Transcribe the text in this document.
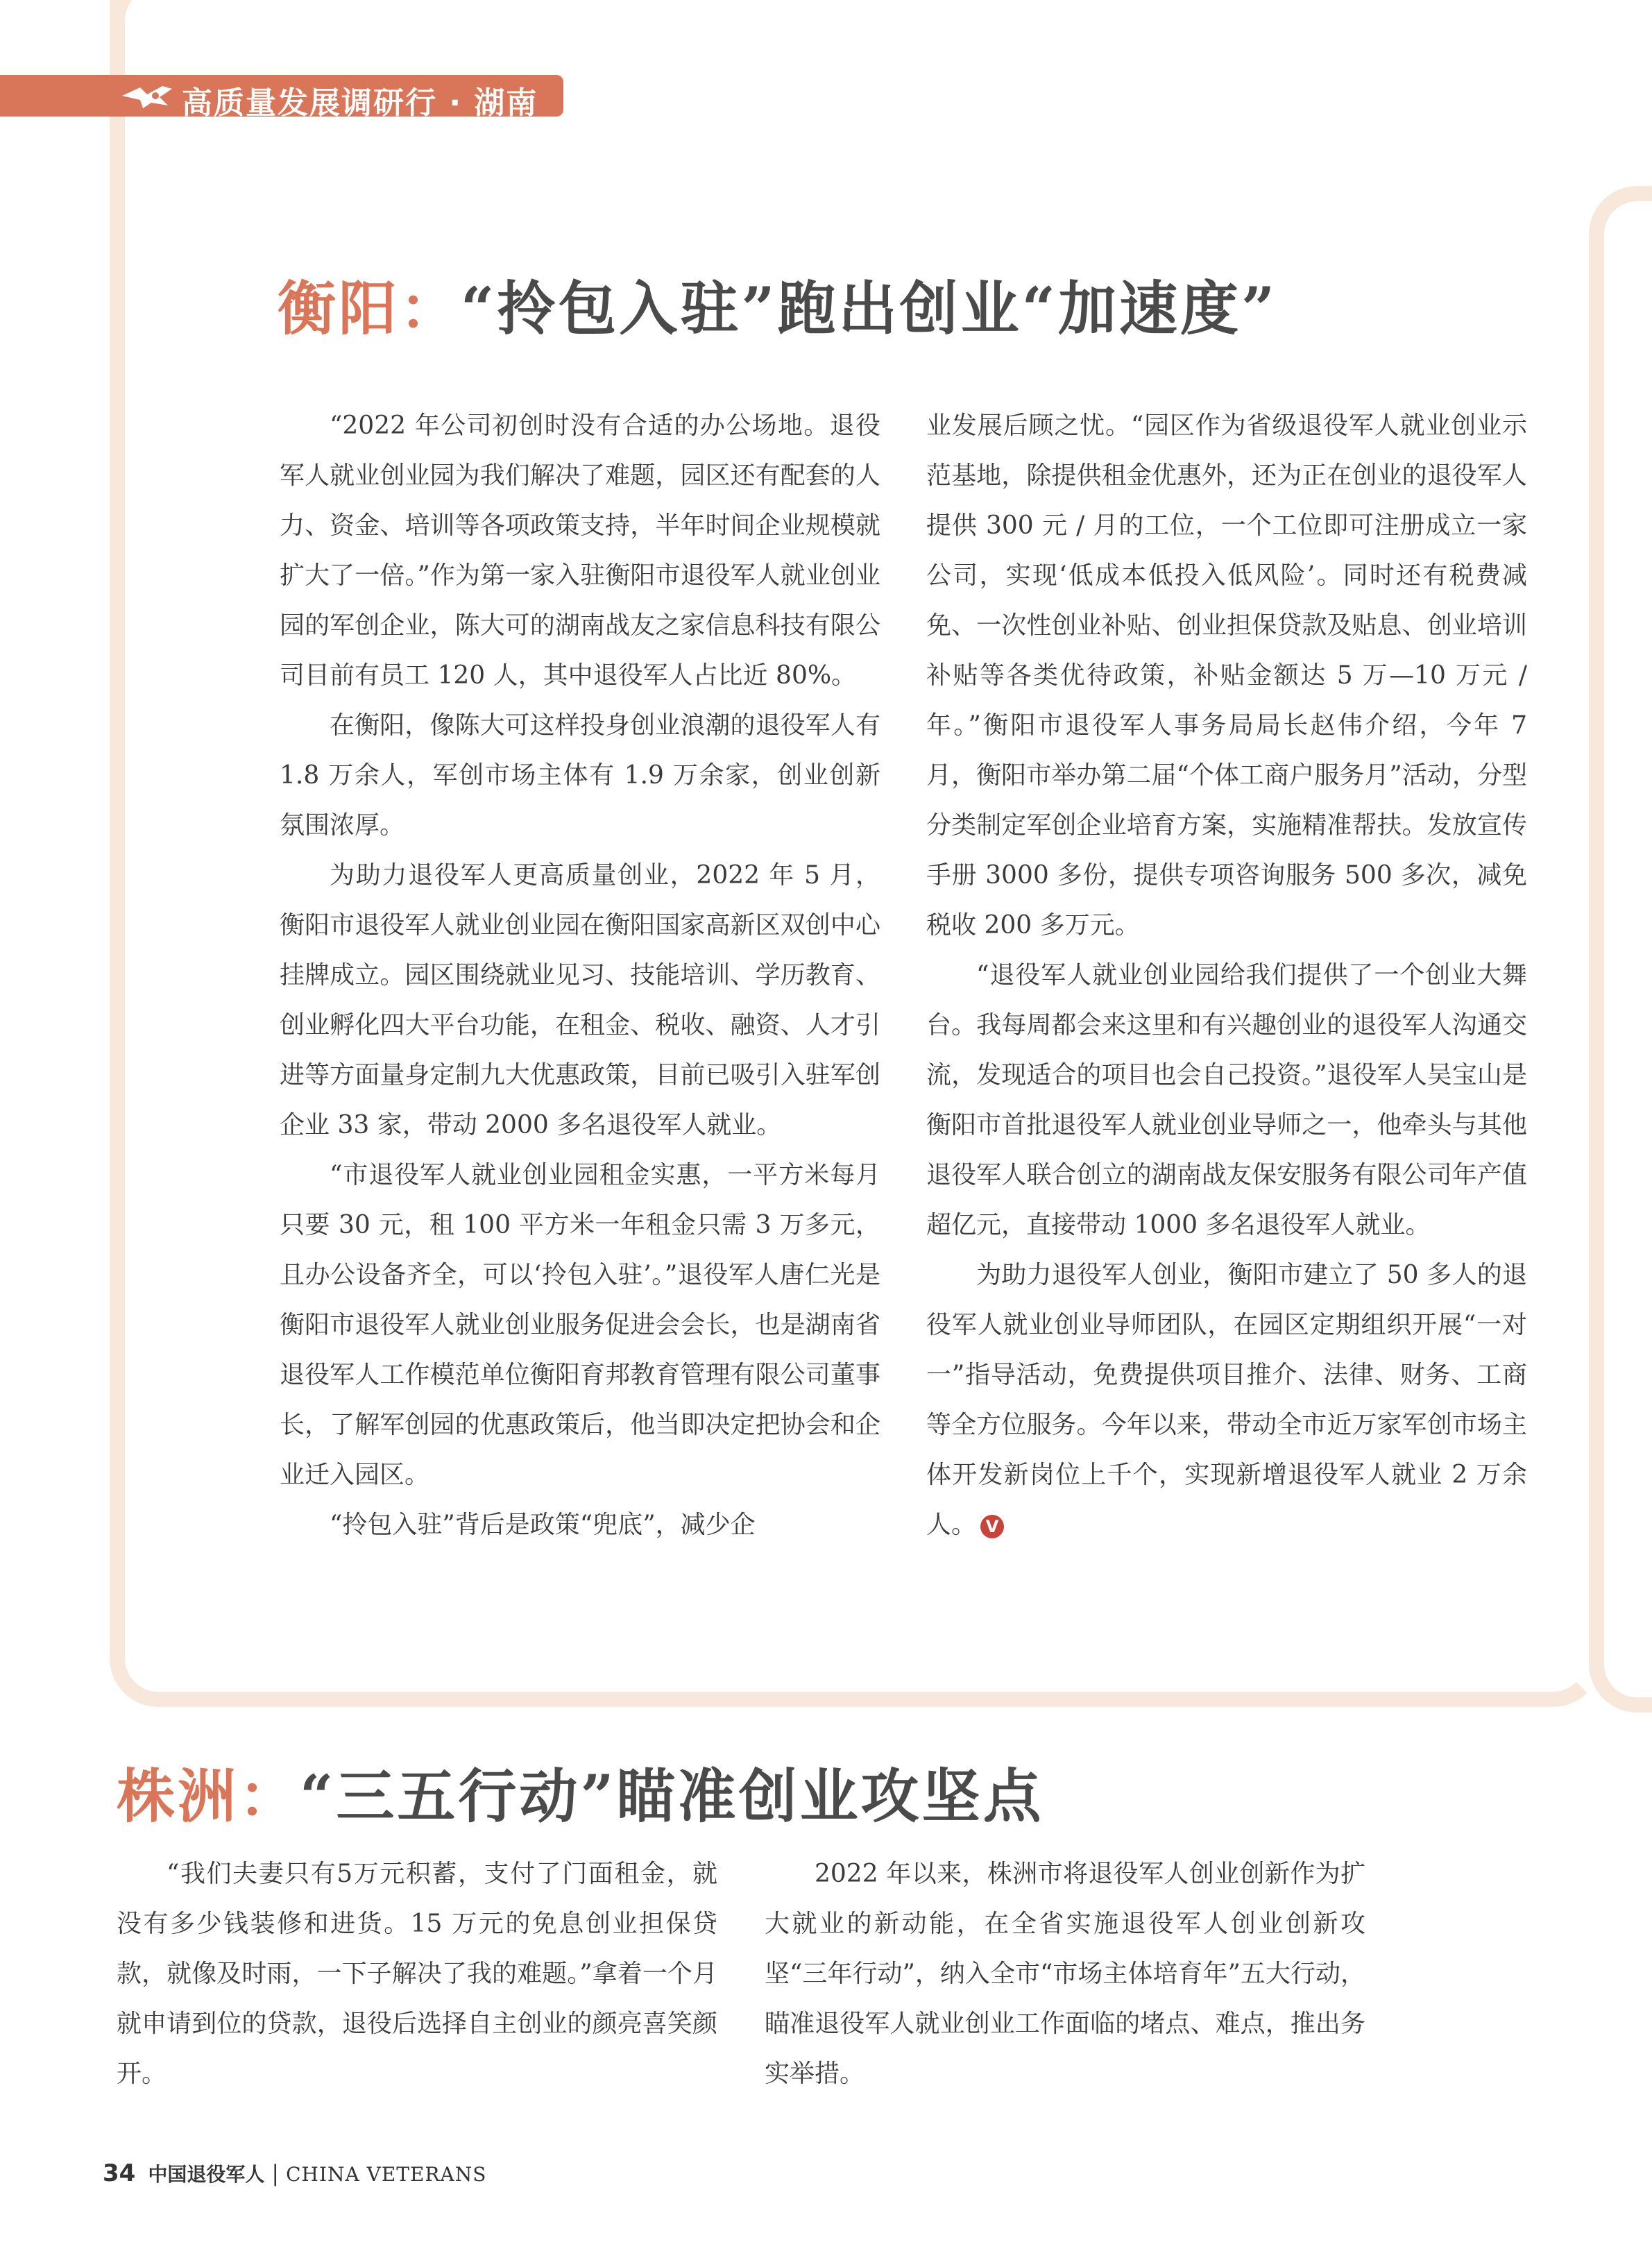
高质量发展调研行 · 湖南
衡阳：“拎包入驻”跑出创业“加速度”

“2022 年公司初创时没有合适的办公场地。退役军人就业创业园为我们解决了难题，园区还有配套的人力、资金、培训等各项政策支持，半年时间企业规模就扩大了一倍。”作为第一家入驻衡阳市退役军人就业创业园的军创企业，陈大可的湖南战友之家信息科技有限公司目前有员工 120 人，其中退役军人占比近 80%。

在衡阳，像陈大可这样投身创业浪潮的退役军人有 1.8 万余人，军创市场主体有 1.9 万余家，创业创新氛围浓厚。

为助力退役军人更高质量创业，2022 年 5 月，衡阳市退役军人就业创业园在衡阳国家高新区双创中心挂牌成立。园区围绕就业见习、技能培训、学历教育、创业孵化四大平台功能，在租金、税收、融资、人才引进等方面量身定制九大优惠政策，目前已吸引入驻军创企业 33 家，带动 2000 多名退役军人就业。

“市退役军人就业创业园租金实惠，一平方米每月只要 30 元，租 100 平方米一年租金只需 3 万多元，且办公设备齐全，可以‘拎包入驻’。”退役军人唐仁光是衡阳市退役军人就业创业服务促进会会长，也是湖南省退役军人工作模范单位衡阳育邦教育管理有限公司董事长，了解军创园的优惠政策后，他当即决定把协会和企业迁入园区。

“拎包入驻”背后是政策“兜底”，减少企

业发展后顾之忧。“园区作为省级退役军人就业创业示范基地，除提供租金优惠外，还为正在创业的退役军人提供 300 元 / 月的工位，一个工位即可注册成立一家公司，实现‘低成本低投入低风险’。同时还有税费减免、一次性创业补贴、创业担保贷款及贴息、创业培训补贴等各类优待政策，补贴金额达 5 万—10 万元 / 年。”衡阳市退役军人事务局局长赵伟介绍，今年 7 月，衡阳市举办第二届“个体工商户服务月”活动，分型分类制定军创企业培育方案，实施精准帮扶。发放宣传手册 3000 多份，提供专项咨询服务 500 多次，减免税收 200 多万元。

“退役军人就业创业园给我们提供了一个创业大舞台。我每周都会来这里和有兴趣创业的退役军人沟通交流，发现适合的项目也会自己投资。”退役军人吴宝山是衡阳市首批退役军人就业创业导师之一，他牵头与其他退役军人联合创立的湖南战友保安服务有限公司年产值超亿元，直接带动 1000 多名退役军人就业。

为助力退役军人创业，衡阳市建立了 50 多人的退役军人就业创业导师团队，在园区定期组织开展“一对一”指导活动，免费提供项目推介、法律、财务、工商等全方位服务。今年以来，带动全市近万家军创市场主体开发新岗位上千个，实现新增退役军人就业 2 万余人。 V

株洲：“三五行动”瞄准创业攻坚点

“我们夫妻只有5万元积蓄，支付了门面租金，就没有多少钱装修和进货。15 万元的免息创业担保贷款，就像及时雨，一下子解决了我的难题。”拿着一个月就申请到位的贷款，退役后选择自主创业的颜亮喜笑颜开。

2022 年以来，株洲市将退役军人创业创新作为扩大就业的新动能，在全省实施退役军人创业创新攻坚“三年行动”，纳入全市“市场主体培育年”五大行动，瞄准退役军人就业创业工作面临的堵点、难点，推出务实举措。

34 中国退役军人 | CHINA VETERANS
